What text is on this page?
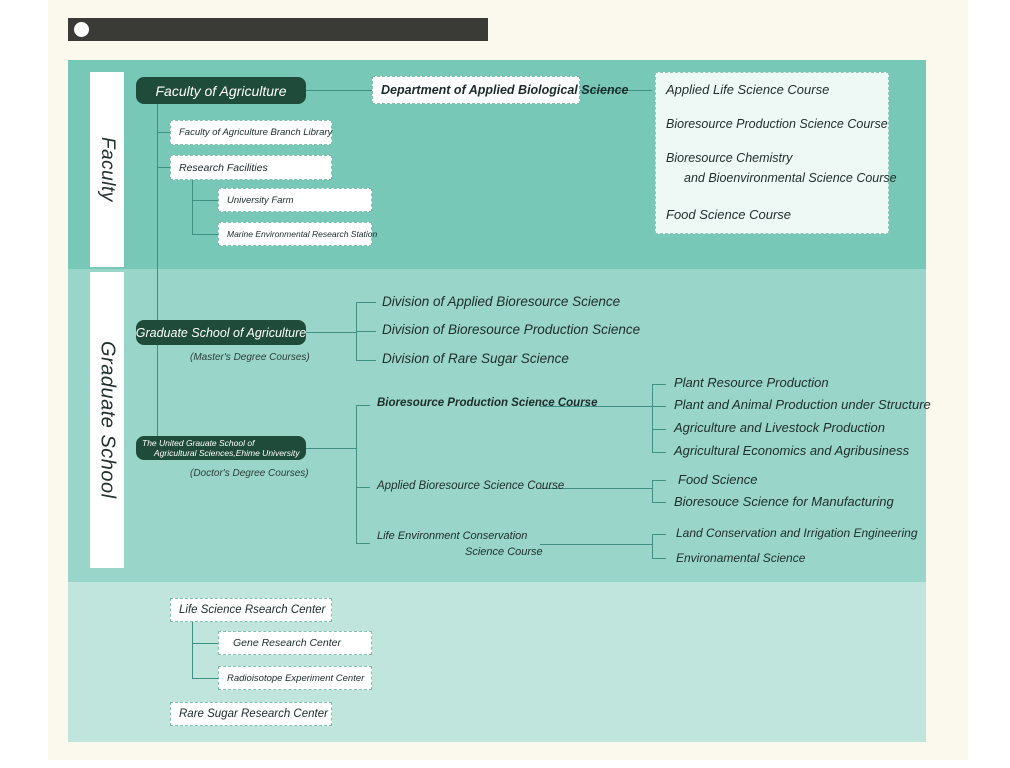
Faculty
Graduate School
Faculty of Agriculture	Department of Applied Biological Science	Applied Life Science Course
Bioresource Production Science Course
Bioresource Chemistry
and Bioenvironmental Science Course
Food Science Course
Faculty of Agriculture Branch Library
Research Facilities
University Farm
Marine Environmental Research Station
Graduate School of Agriculture
(Master's Degree Courses)
Division of Applied Bioresource Science
Division of Bioresource Production Science
Division of Rare Sugar Science
The United Grauate School of
Agricultural Sciences,Ehime University
(Doctor's Degree Courses)
Bioresource Production Science Course
Applied Bioresource Science Course
Life Environment Conservation
Science Course
Plant Resource Production
Plant and Animal Production under Structure
Agriculture and Livestock Production
Agricultural Economics and Agribusiness
Food Science
Bioresouce Science for Manufacturing
Land Conservation and Irrigation Engineering
Environamental Science
Life Science Rsearch Center
Gene Research Center
Radioisotope Experiment Center
Rare Sugar Research Center
